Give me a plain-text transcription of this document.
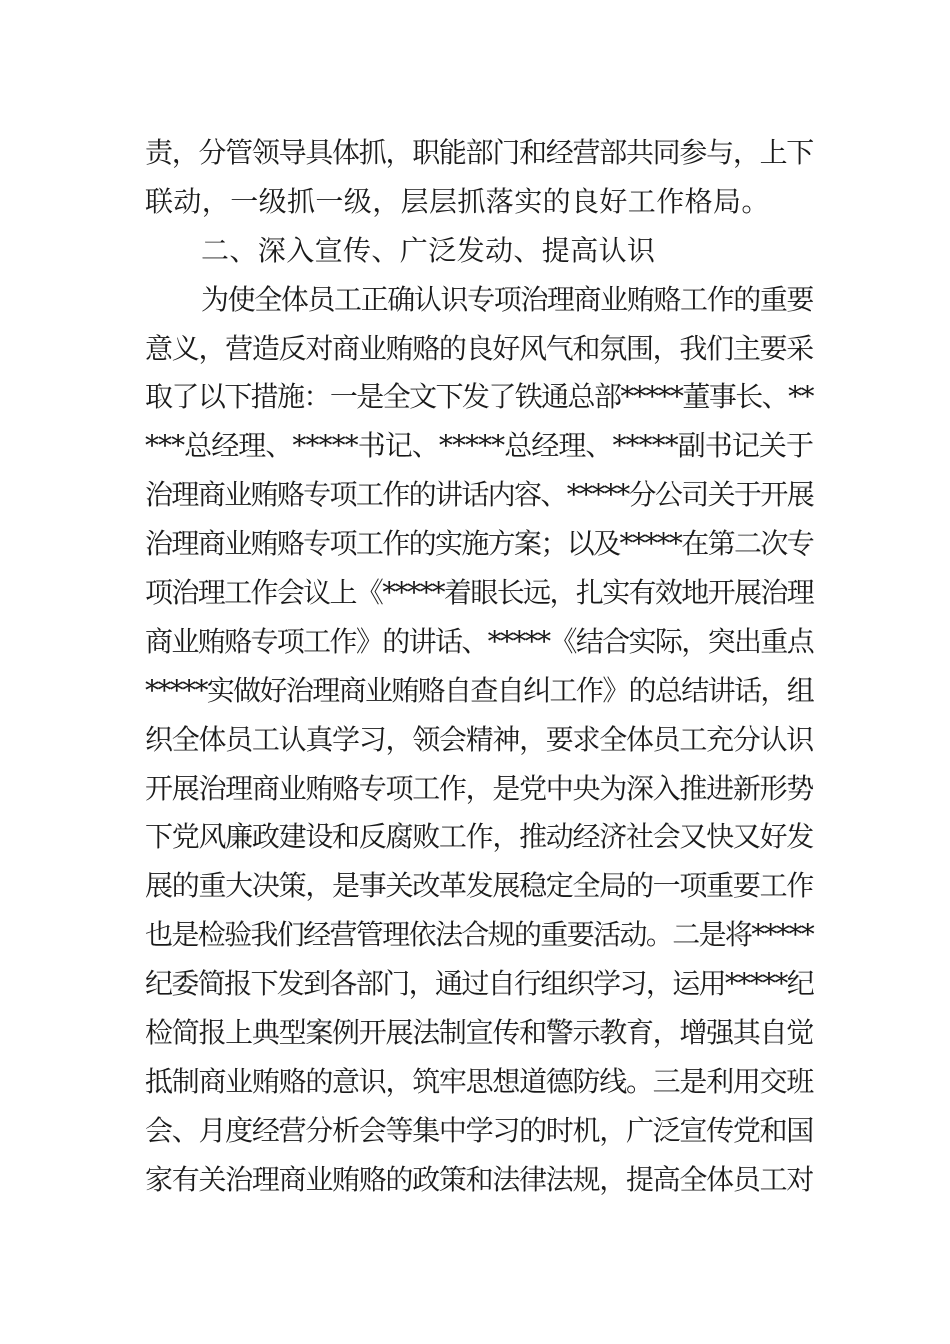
责，分管领导具体抓，职能部门和经营部共同参与，上下
联动，一级抓一级，层层抓落实的良好工作格局。
二、深入宣传、广泛发动、提高认识
为使全体员工正确认识专项治理商业贿赂工作的重要
意义，营造反对商业贿赂的良好风气和氛围，我们主要采
取了以下措施：一是全文下发了铁通总部*****董事长、**
***总经理、*****书记、*****总经理、*****副书记关于
治理商业贿赂专项工作的讲话内容、*****分公司关于开展
治理商业贿赂专项工作的实施方案；以及*****在第二次专
项治理工作会议上《*****着眼长远，扎实有效地开展治理
商业贿赂专项工作》的讲话、*****《结合实际，突出重点
*****实做好治理商业贿赂自查自纠工作》的总结讲话，组
织全体员工认真学习，领会精神，要求全体员工充分认识
开展治理商业贿赂专项工作，是党中央为深入推进新形势
下党风廉政建设和反腐败工作，推动经济社会又快又好发
展的重大决策，是事关改革发展稳定全局的一项重要工作
也是检验我们经营管理依法合规的重要活动。二是将*****
纪委简报下发到各部门，通过自行组织学习，运用*****纪
检简报上典型案例开展法制宣传和警示教育，增强其自觉
抵制商业贿赂的意识，筑牢思想道德防线。三是利用交班
会、月度经营分析会等集中学习的时机，广泛宣传党和国
家有关治理商业贿赂的政策和法律法规，提高全体员工对
